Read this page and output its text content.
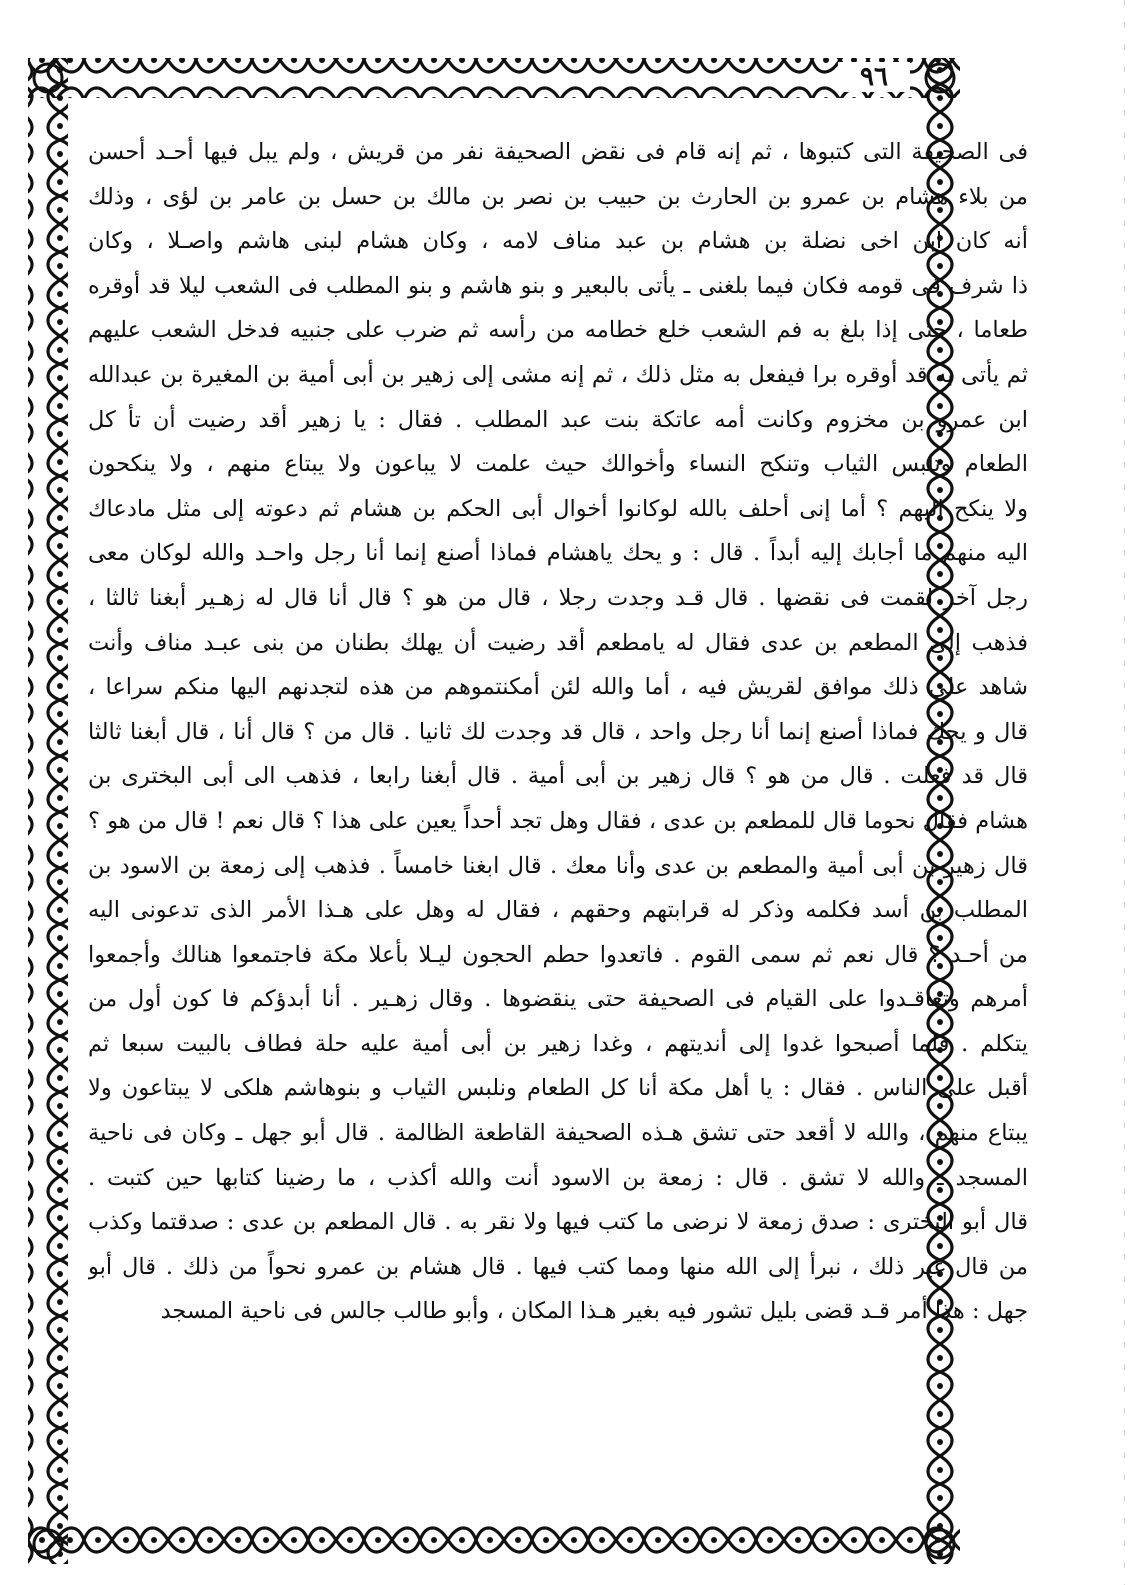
٩٦
فى الصحيفة التى كتبوها ، ثم إنه قام فى نقض الصحيفة نفر من قريش ، ولم يبل فيها أحـد أحسن
من بلاء هشام بن عمرو بن الحارث بن حبيب بن نصر بن مالك بن حسل بن عامر بن لؤى ، وذلك
أنه كان ابن اخى نضلة بن هشام بن عبد مناف لامه ، وكان هشام لبنى هاشم واصـلا ، وكان
ذا شرف فى قومه فكان فيما بلغنى ـ يأتى بالبعير و بنو هاشم و بنو المطلب فى الشعب ليلا قد أوقره
طعاما ، حتى إذا بلغ به فم الشعب خلع خطامه من رأسه ثم ضرب على جنبيه فدخل الشعب عليهم
ثم يأتى به قد أوقره برا فيفعل به مثل ذلك ، ثم إنه مشى إلى زهير بن أبى أمية بن المغيرة بن عبدالله
ابن عمرو بن مخزوم وكانت أمه عاتكة بنت عبد المطلب . فقال : يا زهير أقد رضيت أن تأ كل
الطعام وتلبس الثياب وتنكح النساء وأخوالك حيث علمت لا يباعون ولا يبتاع منهم ، ولا ينكحون
ولا ينكح اليهم ؟ أما إنى أحلف بالله لوكانوا أخوال أبى الحكم بن هشام ثم دعوته إلى مثل مادعاك
اليه منهم ما أجابك إليه أبداً . قال : و يحك ياهشام فماذا أصنع إنما أنا رجل واحـد والله لوكان معى
رجل آخر لقمت فى نقضها . قال قـد وجدت رجلا ، قال من هو ؟ قال أنا قال له زهـير أبغنا ثالثا ،
فذهب إلى المطعم بن عدى فقال له يامطعم أقد رضيت أن يهلك بطنان من بنى عبـد مناف وأنت
شاهد على ذلك موافق لقريش فيه ، أما والله لئن أمكنتموهم من هذه لتجدنهم اليها منكم سراعا ،
قال و يحك فماذا أصنع إنما أنا رجل واحد ، قال قد وجدت لك ثانيا . قال من ؟ قال أنا ، قال أبغنا ثالثا
قال قد فعلت . قال من هو ؟ قال زهير بن أبى أمية . قال أبغنا رابعا ، فذهب الى أبى البخترى بن
هشام فقال نحوما قال للمطعم بن عدى ، فقال وهل تجد أحداً يعين على هذا ؟ قال نعم ! قال من هو ؟
قال زهير بن أبى أمية والمطعم بن عدى وأنا معك . قال ابغنا خامساً . فذهب إلى زمعة بن الاسود بن
المطلب بن أسد فكلمه وذكر له قرابتهم وحقهم ، فقال له وهل على هـذا الأمر الذى تدعونى اليه
من أحـد ؟ قال نعم ثم سمى القوم . فاتعدوا حطم الحجون ليـلا بأعلا مكة فاجتمعوا هنالك وأجمعوا
أمرهم وتعاقـدوا على القيام فى الصحيفة حتى ينقضوها . وقال زهـير . أنا أبدؤكم فا كون أول من
يتكلم . فلما أصبحوا غدوا إلى أنديتهم ، وغدا زهير بن أبى أمية عليه حلة فطاف بالبيت سبعا ثم
أقبل على الناس . فقال : يا أهل مكة أنا كل الطعام ونلبس الثياب و بنوهاشم هلكى لا يبتاعون ولا
يبتاع منهم ، والله لا أقعد حتى تشق هـذه الصحيفة القاطعة الظالمة . قال أبو جهل ـ وكان فى ناحية
المسجد ـ والله لا تشق . قال : زمعة بن الاسود أنت والله أكذب ، ما رضينا كتابها حين كتبت .
قال أبو البخترى : صدق زمعة لا نرضى ما كتب فيها ولا نقر به . قال المطعم بن عدى : صدقتما وكذب
من قال غير ذلك ، نبرأ إلى الله منها ومما كتب فيها . قال هشام بن عمرو نحواً من ذلك . قال أبو
جهل : هذا أمر قـد قضى بليل تشور فيه بغير هـذا المكان ، وأبو طالب جالس فى ناحية المسجد
